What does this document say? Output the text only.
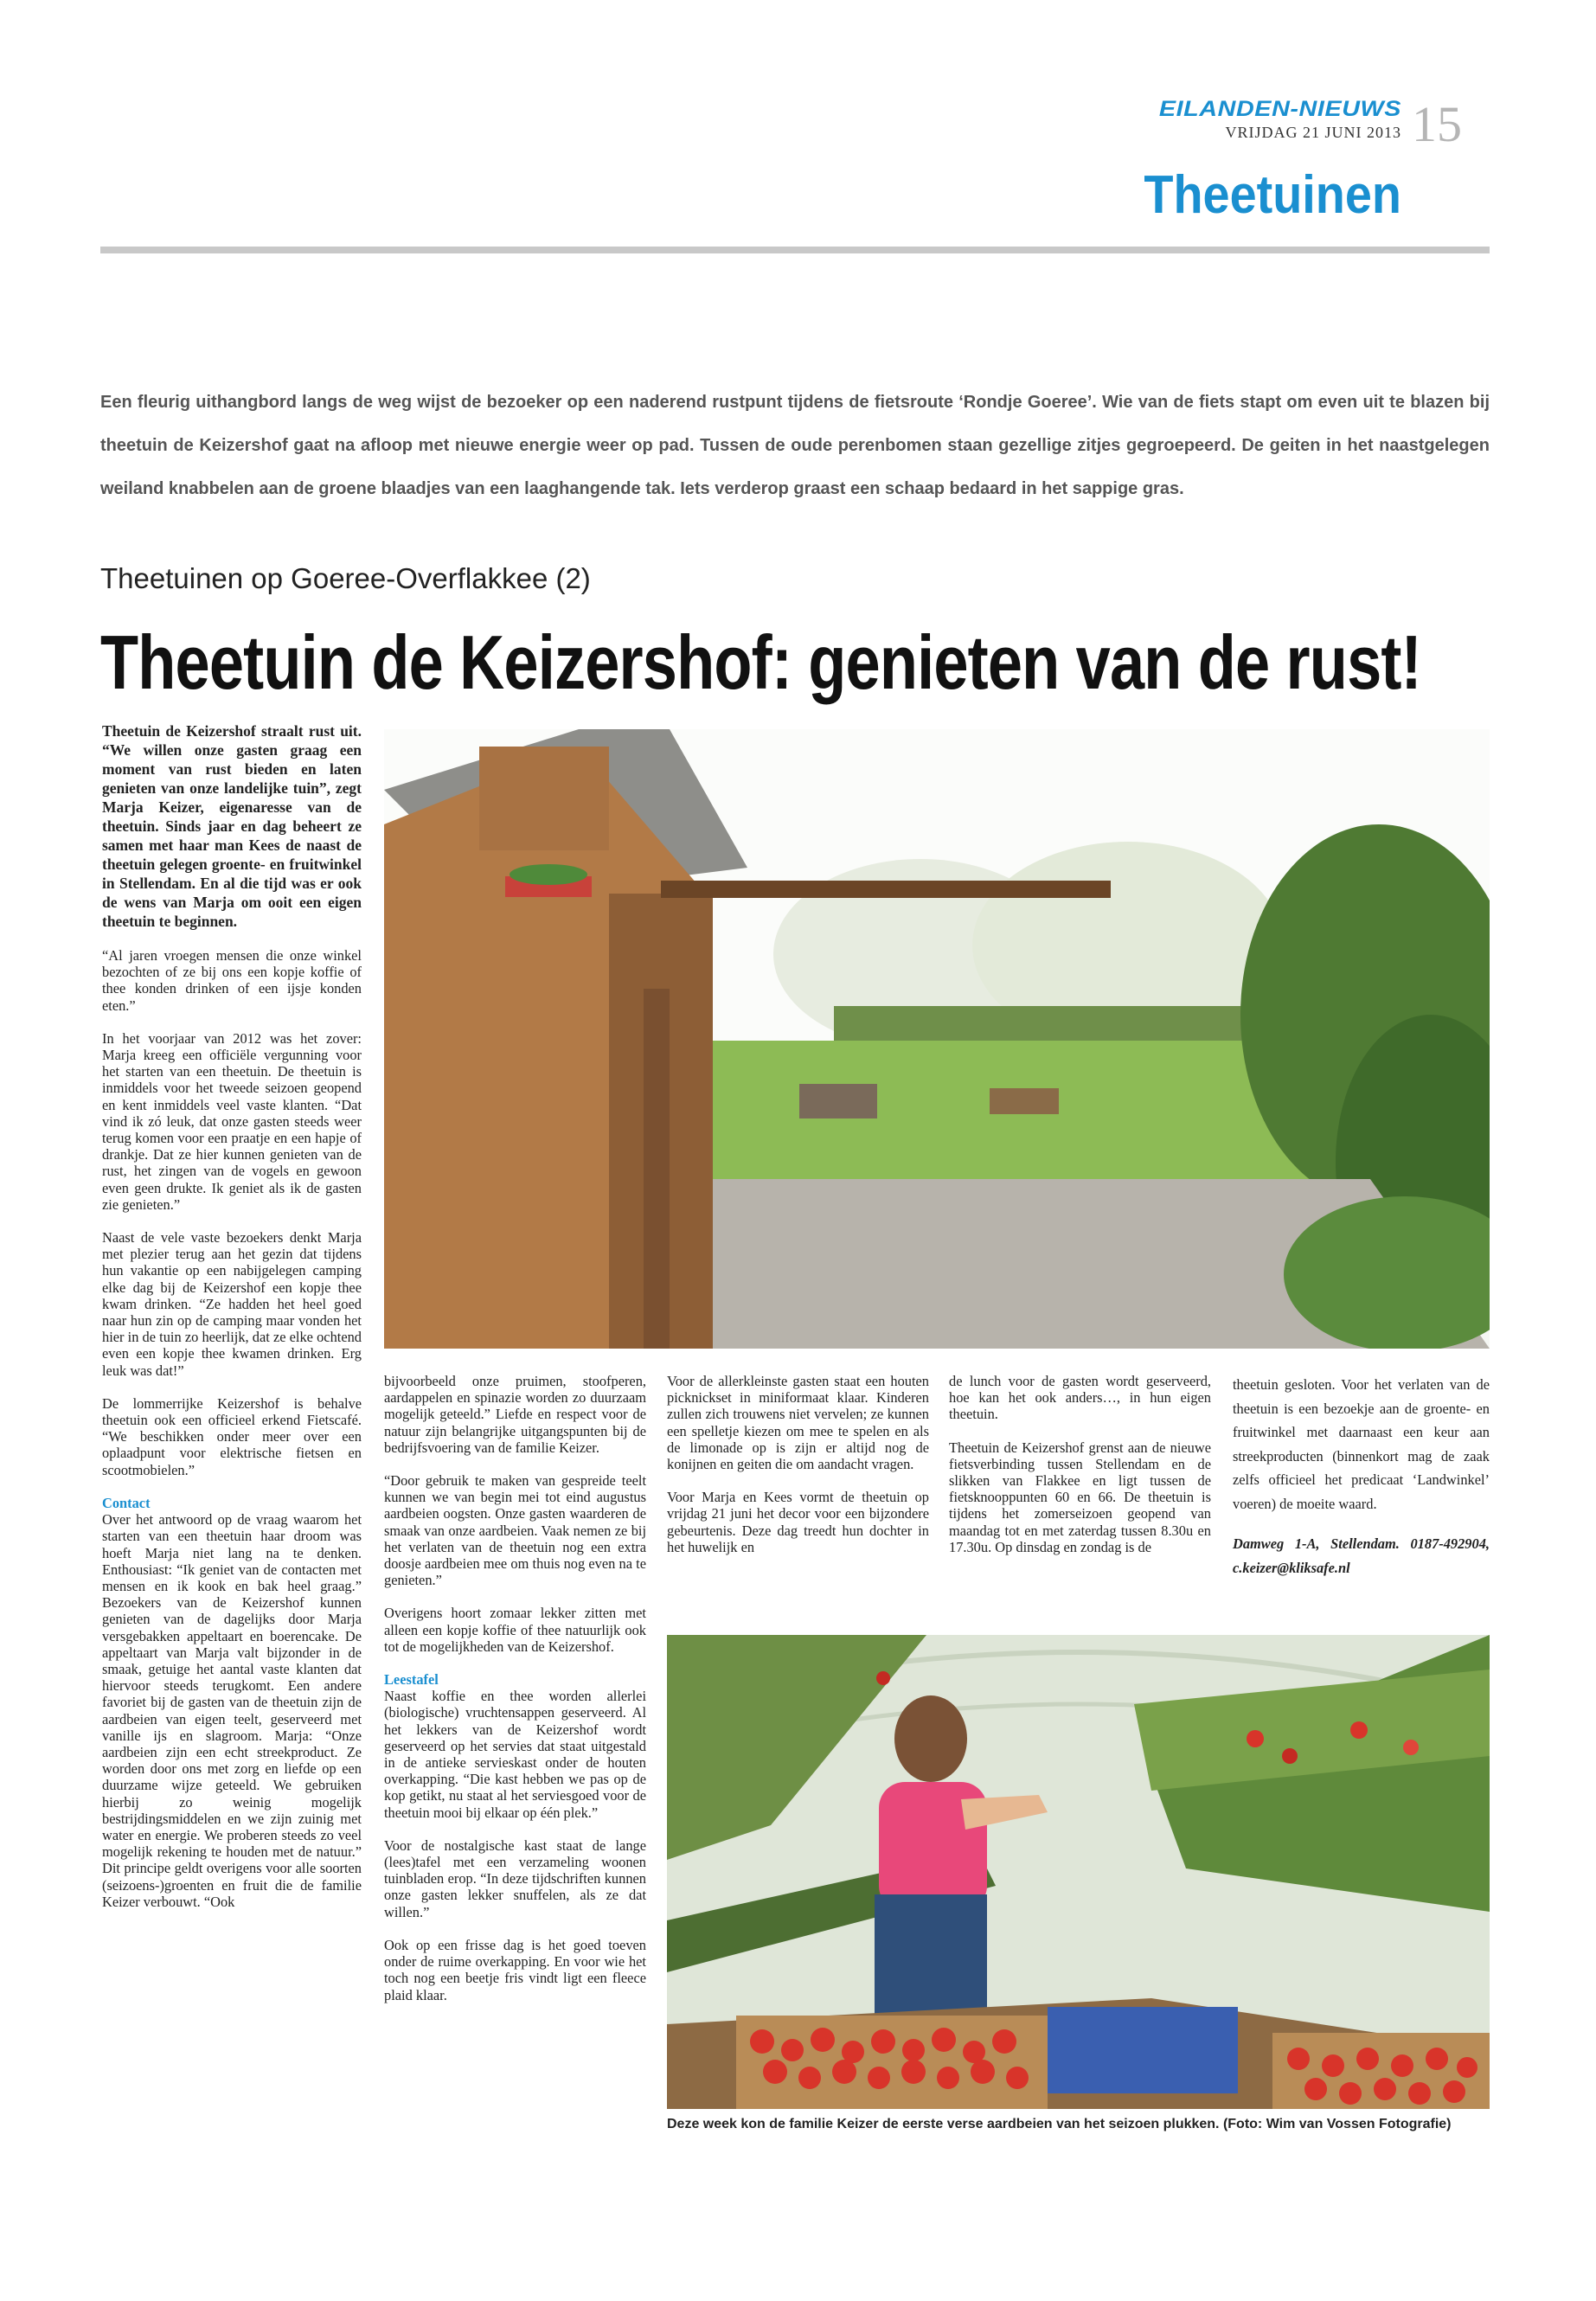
EILANDEN-NIEUWS
VRIJDAG 21 JUNI 2013 15
Theetuinen
Een fleurig uithangbord langs de weg wijst de bezoeker op een naderend rustpunt tijdens de fietsroute ‘Rondje Goeree’. Wie van de fiets stapt om even uit te blazen bij theetuin de Keizershof gaat na afloop met nieuwe energie weer op pad. Tussen de oude perenbomen staan gezellige zitjes gegroepeerd. De geiten in het naastgelegen weiland knabbelen aan de groene blaadjes van een laaghangende tak. Iets verderop graast een schaap bedaard in het sappige gras.
Theetuinen op Goeree-Overflakkee (2)
Theetuin de Keizershof: genieten van de rust!

Theetuin de Keizershof straalt rust uit. “We willen onze gasten graag een moment van rust bieden en laten genieten van onze landelijke tuin”, zegt Marja Keizer, eigenaresse van de theetuin. Sinds jaar en dag beheert ze samen met haar man Kees de naast de theetuin gelegen groente- en fruitwinkel in Stellendam. En al die tijd was er ook de wens van Marja om ooit een eigen theetuin te beginnen.

“Al jaren vroegen mensen die onze winkel bezochten of ze bij ons een kopje koffie of thee konden drinken of een ijsje konden eten.”

In het voorjaar van 2012 was het zover: Marja kreeg een officiële vergunning voor het starten van een theetuin. De theetuin is inmiddels voor het tweede seizoen geopend en kent inmiddels veel vaste klanten. “Dat vind ik zó leuk, dat onze gasten steeds weer terug komen voor een praatje en een hapje of drankje. Dat ze hier kunnen genieten van de rust, het zingen van de vogels en gewoon even geen drukte. Ik geniet als ik de gasten zie genieten.”

Naast de vele vaste bezoekers denkt Marja met plezier terug aan het gezin dat tijdens hun vakantie op een nabijgelegen camping elke dag bij de Keizershof een kopje thee kwam drinken. “Ze hadden het heel goed naar hun zin op de camping maar vonden het hier in de tuin zo heerlijk, dat ze elke ochtend even een kopje thee kwamen drinken. Erg leuk was dat!”

De lommerrijke Keizershof is behalve theetuin ook een officieel erkend Fietscafé. “We beschikken onder meer over een oplaadpunt voor elektrische fietsen en scootmobielen.”

Contact

Over het antwoord op de vraag waarom het starten van een theetuin haar droom was hoeft Marja niet lang na te denken. Enthousiast: “Ik geniet van de contacten met mensen en ik kook en bak heel graag.” Bezoekers van de Keizershof kunnen genieten van de dagelijks door Marja versgebakken appeltaart en boerencake. De appeltaart van Marja valt bijzonder in de smaak, getuige het aantal vaste klanten dat hiervoor steeds terugkomt. Een andere favoriet bij de gasten van de theetuin zijn de aardbeien van eigen teelt, geserveerd met vanille ijs en slagroom. Marja: “Onze aardbeien zijn een echt streekproduct. Ze worden door ons met zorg en liefde op een duurzame wijze geteeld. We gebruiken hierbij zo weinig mogelijk bestrijdingsmiddelen en we zijn zuinig met water en energie. We proberen steeds zo veel mogelijk rekening te houden met de natuur.” Dit principe geldt overigens voor alle soorten (seizoens-)groenten en fruit die de familie Keizer verbouwt. “Ook

bijvoorbeeld onze pruimen, stoofperen, aardappelen en spinazie worden zo duurzaam mogelijk geteeld.” Liefde en respect voor de natuur zijn belangrijke uitgangspunten bij de bedrijfsvoering van de familie Keizer.

“Door gebruik te maken van gespreide teelt kunnen we van begin mei tot eind augustus aardbeien oogsten. Onze gasten waarderen de smaak van onze aardbeien. Vaak nemen ze bij het verlaten van de theetuin nog een extra doosje aardbeien mee om thuis nog even na te genieten.”

Overigens hoort zomaar lekker zitten met alleen een kopje koffie of thee natuurlijk ook tot de mogelijkheden van de Keizershof.

Leestafel

Naast koffie en thee worden allerlei (biologische) vruchtensappen geserveerd. Al het lekkers van de Keizershof wordt geserveerd op het servies dat staat uitgestald in de antieke servieskast onder de houten overkapping. “Die kast hebben we pas op de kop getikt, nu staat al het serviesgoed voor de theetuin mooi bij elkaar op één plek.”

Voor de nostalgische kast staat de lange (lees)tafel met een verzameling woonen tuinbladen erop. “In deze tijdschriften kunnen onze gasten lekker snuffelen, als ze dat willen.”

Ook op een frisse dag is het goed toeven onder de ruime overkapping. En voor wie het toch nog een beetje fris vindt ligt een fleece plaid klaar.

Voor de allerkleinste gasten staat een houten picknickset in miniformaat klaar. Kinderen zullen zich trouwens niet vervelen; ze kunnen een spelletje kiezen om mee te spelen en als de limonade op is zijn er altijd nog de konijnen en geiten die om aandacht vragen.

Voor Marja en Kees vormt de theetuin op vrijdag 21 juni het decor voor een bijzondere gebeurtenis. Deze dag treedt hun dochter in het huwelijk en

de lunch voor de gasten wordt geserveerd, hoe kan het ook anders…, in hun eigen theetuin.

Theetuin de Keizershof grenst aan de nieuwe fietsverbinding tussen Stellendam en de slikken van Flakkee en ligt tussen de fietsknooppunten 60 en 66. De theetuin is tijdens het zomerseizoen geopend van maandag tot en met zaterdag tussen 8.30u en 17.30u. Op dinsdag en zondag is de

theetuin gesloten. Voor het verlaten van de theetuin is een bezoekje aan de groente- en fruitwinkel met daarnaast een keur aan streekproducten (binnenkort mag de zaak zelfs officieel het predicaat ‘Landwinkel’ voeren) de moeite waard.

Damweg 1-A, Stellendam. 0187-492904, c.keizer@kliksafe.nl

Deze week kon de familie Keizer de eerste verse aardbeien van het seizoen plukken. (Foto: Wim van Vossen Fotografie)
